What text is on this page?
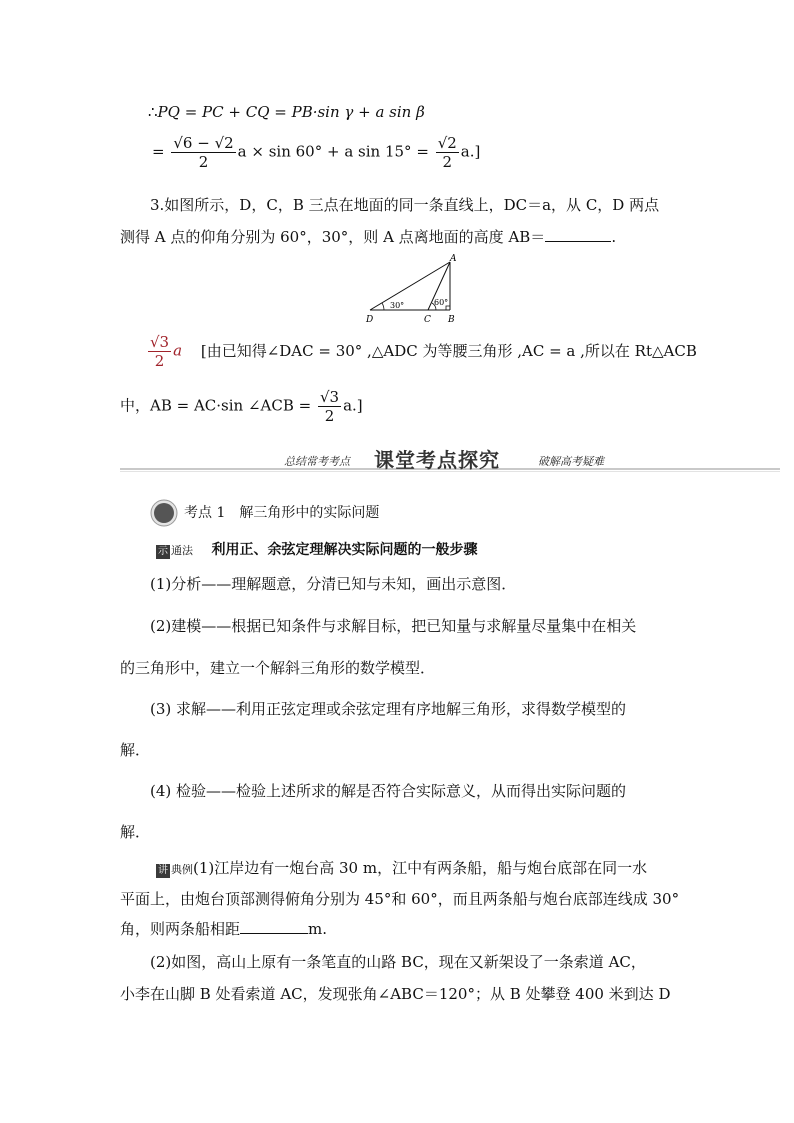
∴PQ = PC + CQ = PB·sin γ + a sin β
= $\frac{√6 - √2}{2}$ a × sin 60° + a $\sin 15^\circ = \frac{√2}{2} a$.]
3.如图所示，D，C，B 三点在地面的同一条直线上，DC＝a，从 C，D 两点
测得 A 点的仰角分别为 60°，30°，则 A 点离地面的高度 AB＝	.
A
B
C
D
30°	60°
$\frac{√3}{2}$ a [由已知得∠DAC = 30° ,△ADC 为等腰三角形 ,AC = a ,所以在 Rt△ACB
中，AB = AC·sin ∠ACB = $\frac{√3}{2} a$.]
总结常考考点 课堂考点探究	破解高考疑难
考点 1　解三角形中的实际问题
示 通法 利用正、余弦定理解决实际问题的一般步骤
(1)分析——理解题意，分清已知与未知，画出示意图．
(2)建模——根据已知条件与求解目标，把已知量与求解量尽量集中在相关
的三角形中，建立一个解斜三角形的数学模型．
(3) 求解——利用正弦定理或余弦定理有序地解三角形，求得数学模型的
解．
(4) 检验——检验上述所求的解是否符合实际意义，从而得出实际问题的
解．
讲 典例(1)江岸边有一炮台高 30 m，江中有两条船，船与炮台底部在同一水
平面上，由炮台顶部测得俯角分别为 45°和 60°，而且两条船与炮台底部连线成 30°
角，则两条船相距	m.
(2)如图，高山上原有一条笔直的山路 BC，现在又新架设了一条索道 AC，
小李在山脚 B 处看索道 AC，发现张角∠ABC＝120°；从 B 处攀登 400 米到达 D
